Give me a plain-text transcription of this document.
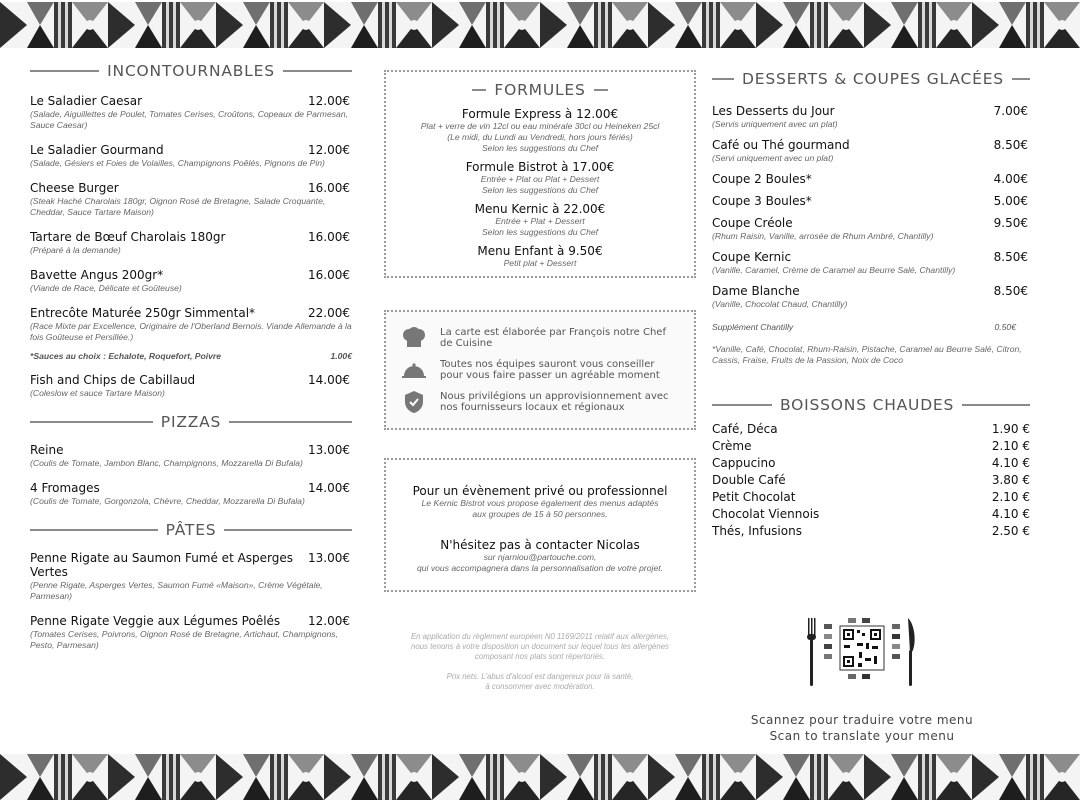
INCONTOURNABLES
Le Saladier Caesar	12.00€
(Salade, Aiguillettes de Poulet, Tomates Cerises, Croûtons, Copeaux de Parmesan, Sauce Caesar)
Le Saladier Gourmand	12.00€
(Salade, Gésiers et Foies de Volailles, Champignons Poêlés, Pignons de Pin)
Cheese Burger	16.00€
(Steak Haché Charolais 180gr, Oignon Rosé de Bretagne, Salade Croquante, Cheddar, Sauce Tartare Maison)
Tartare de Bœuf Charolais 180gr	16.00€
(Préparé à la demande)
Bavette Angus 200gr*	16.00€
(Viande de Race, Délicate et Goûteuse)
Entrecôte Maturée 250gr Simmental*	22.00€
(Race Mixte par Excellence, Originaire de l'Oberland Bernois. Viande Allemande à la fois Goûteuse et Persillée.)
*Sauces au choix : Echalote, Roquefort, Poivre	1.00€
Fish and Chips de Cabillaud	14.00€
(Coleslow et sauce Tartare Maison)
PIZZAS
Reine	13.00€
(Coulis de Tomate, Jambon Blanc, Champignons, Mozzarella Di Bufala)
4 Fromages	14.00€
(Coulis de Tomate, Gorgonzola, Chèvre, Cheddar, Mozzarella Di Bufala)
PÂTES
Penne Rigate au Saumon Fumé et Asperges Vertes
13.00€
(Penne Rigate, Asperges Vertes, Saumon Fumé «Maison», Crème Végétale, Parmesan)
Penne Rigate Veggie aux Légumes Poêlés 12.00€
(Tomates Cerises, Poivrons, Oignon Rosé de Bretagne, Artichaut, Champignons, Pesto, Parmesan)
FORMULES
Formule Express à 12.00€
Plat + verre de vin 12cl ou eau minérale 30cl ou Heineken 25cl
(Le midi, du Lundi au Vendredi, hors jours fériés)
Selon les suggestions du Chef
Formule Bistrot à 17.00€
Entrée + Plat ou Plat + Dessert
Selon les suggestions du Chef
Menu Kernic à 22.00€
Entrée + Plat + Dessert
Selon les suggestions du Chef
Menu Enfant à 9.50€
Petit plat + Dessert
La carte est élaborée par François notre Chef de Cuisine
Toutes nos équipes sauront vous conseiller pour vous faire passer un agréable moment
Nous privilégions un approvisionnement avec nos fournisseurs locaux et régionaux
Pour un évènement privé ou professionnel
Le Kernic Bistrot vous propose également des menus adaptés
aux groupes de 15 à 50 personnes.
N'hésitez pas à contacter Nicolas
sur njarniou@partouche.com,
qui vous accompagnera dans la personnalisation de votre projet.
En application du règlement européen N0 1169/2011 relatif aux allergènes,
nous tenons à votre disposition un document sur lequel tous les allergènes
composant nos plats sont répertoriés.
Prix nets. L'abus d'alcool est dangereux pour la santé,
à consommer avec modération.
DESSERTS & COUPES GLACÉES
Les Desserts du Jour	7.00€
(Servis uniquement avec un plat)
Café ou Thé gourmand	8.50€
(Servi uniquement avec un plat)
Coupe 2 Boules*	4.00€
Coupe 3 Boules*	5.00€
Coupe Créole	9.50€
(Rhum Raisin, Vanille, arrosée de Rhum Ambré, Chantilly)
Coupe Kernic	8.50€
(Vanille, Caramel, Crème de Caramel au Beurre Salé, Chantilly)
Dame Blanche	8.50€
(Vanille, Chocolat Chaud, Chantilly)
Supplément Chantilly	0.50€
*Vanille, Café, Chocolat, Rhum-Raisin, Pistache, Caramel au Beurre Salé, Citron, Cassis, Fraise, Fruits de la Passion, Noix de Coco
BOISSONS CHAUDES
Café, Déca	1.90 €
Crème	2.10 €
Cappucino	4.10 €
Double Café	3.80 €
Petit Chocolat	2.10 €
Chocolat Viennois	4.10 €
Thés, Infusions	2.50 €
Scannez pour traduire votre menu
Scan to translate your menu
